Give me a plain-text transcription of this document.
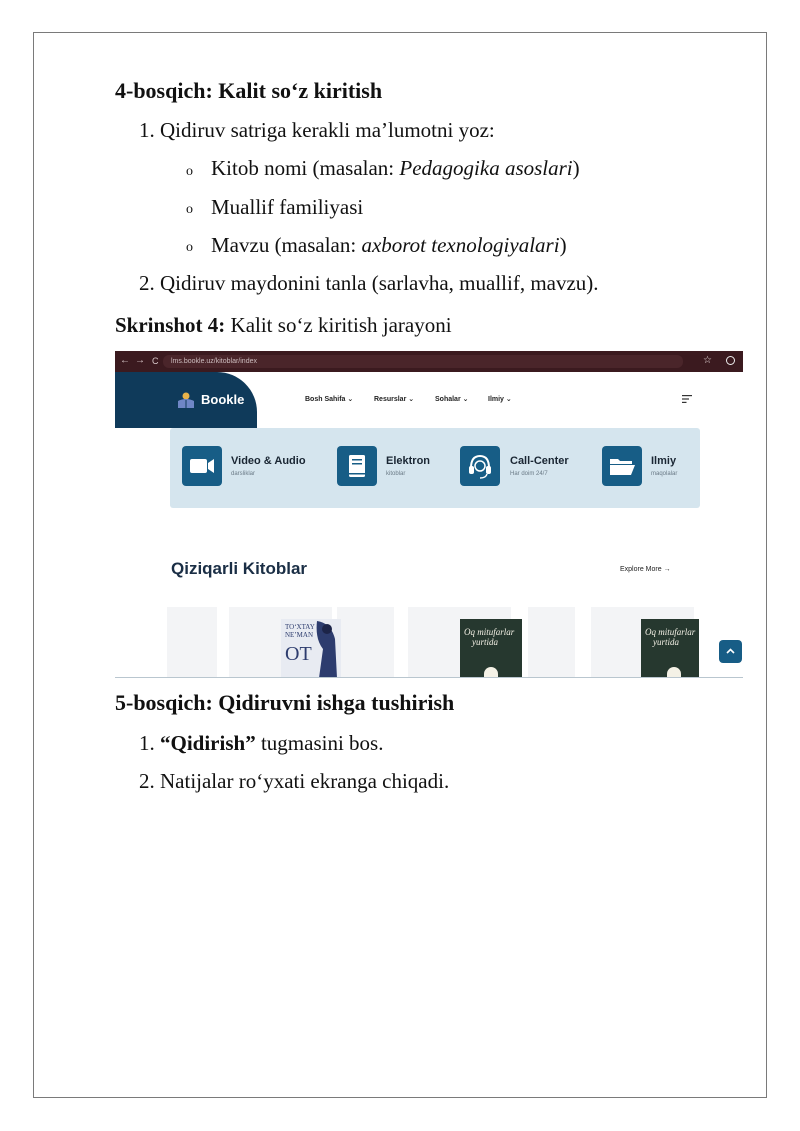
4-bosqich: Kalit so‘z kiritish
1. Qidiruv satriga kerakli ma’lumotni yoz:
o Kitob nomi (masalan: Pedagogika asoslari)
o Muallif familiyasi
o Mavzu (masalan: axborot texnologiyalari)
2. Qidiruv maydonini tanla (sarlavha, muallif, mavzu).
Skrinshot 4: Kalit so‘z kiritish jarayoni
← → C lms.bookle.uz/kitoblar/index	☆
Bookle	Bosh Sahifa ⌄	Resurslar ⌄	Sohalar ⌄	Ilmiy ⌄
Video & Audio
darsliklar
Elektron
kitoblar
Call-Center
Har doim 24/7
Ilmiy
maqolalar
Qiziqarli Kitoblar	Explore More →
TO‘XTAY
NE’MAN
OT
Oq mitufarlar
yurtida
Oq mitufarlar
yurtida
5-bosqich: Qidiruvni ishga tushirish
1. “Qidirish” tugmasini bos.
2. Natijalar ro‘yxati ekranga chiqadi.
